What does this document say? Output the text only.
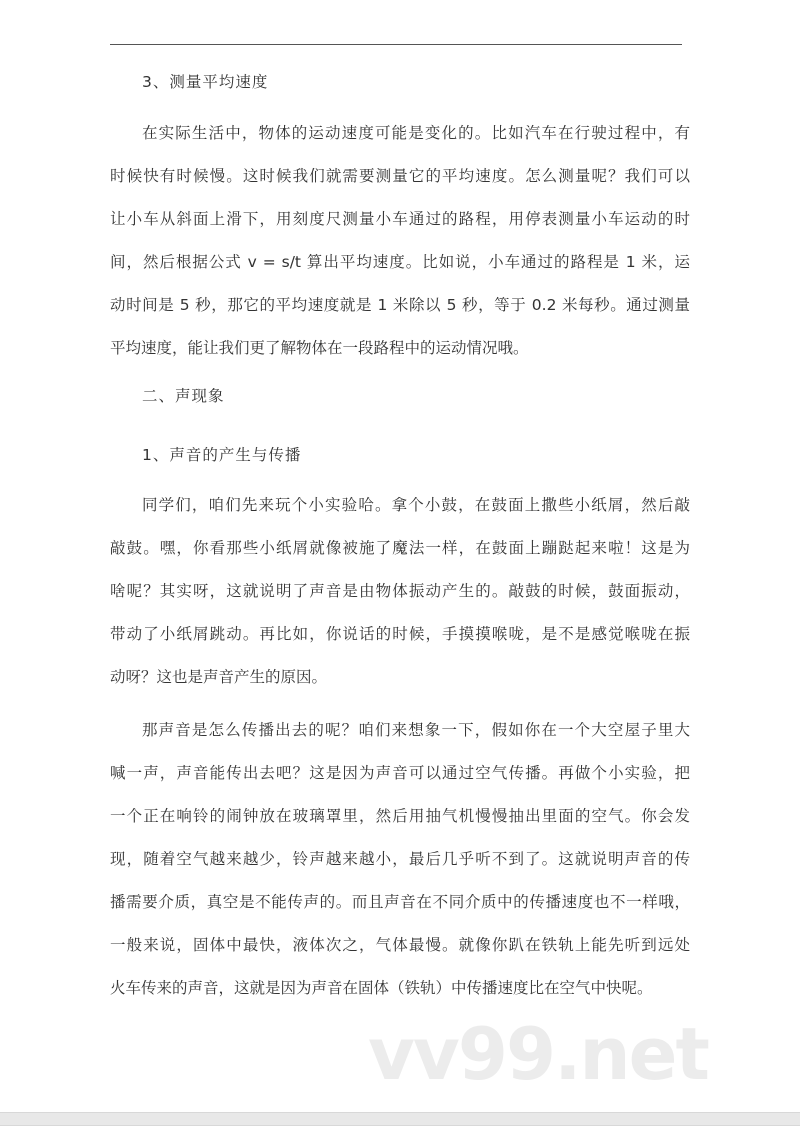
3、测量平均速度
在实际生活中，物体的运动速度可能是变化的。比如汽车在行驶过程中，有
时候快有时候慢。这时候我们就需要测量它的平均速度。怎么测量呢？我们可以
让小车从斜面上滑下，用刻度尺测量小车通过的路程，用停表测量小车运动的时
间，然后根据公式 v = s/t 算出平均速度。比如说，小车通过的路程是 1 米，运
动时间是 5 秒，那它的平均速度就是 1 米除以 5 秒，等于 0.2 米每秒。通过测量
平均速度，能让我们更了解物体在一段路程中的运动情况哦。
二、声现象
1、声音的产生与传播
同学们，咱们先来玩个小实验哈。拿个小鼓，在鼓面上撒些小纸屑，然后敲
敲鼓。嘿，你看那些小纸屑就像被施了魔法一样，在鼓面上蹦跶起来啦！这是为
啥呢？其实呀，这就说明了声音是由物体振动产生的。敲鼓的时候，鼓面振动，
带动了小纸屑跳动。再比如，你说话的时候，手摸摸喉咙，是不是感觉喉咙在振
动呀？这也是声音产生的原因。
那声音是怎么传播出去的呢？咱们来想象一下，假如你在一个大空屋子里大
喊一声，声音能传出去吧？这是因为声音可以通过空气传播。再做个小实验，把
一个正在响铃的闹钟放在玻璃罩里，然后用抽气机慢慢抽出里面的空气。你会发
现，随着空气越来越少，铃声越来越小，最后几乎听不到了。这就说明声音的传
播需要介质，真空是不能传声的。而且声音在不同介质中的传播速度也不一样哦，
一般来说，固体中最快，液体次之，气体最慢。就像你趴在铁轨上能先听到远处
火车传来的声音，这就是因为声音在固体（铁轨）中传播速度比在空气中快呢。
vv99.net
